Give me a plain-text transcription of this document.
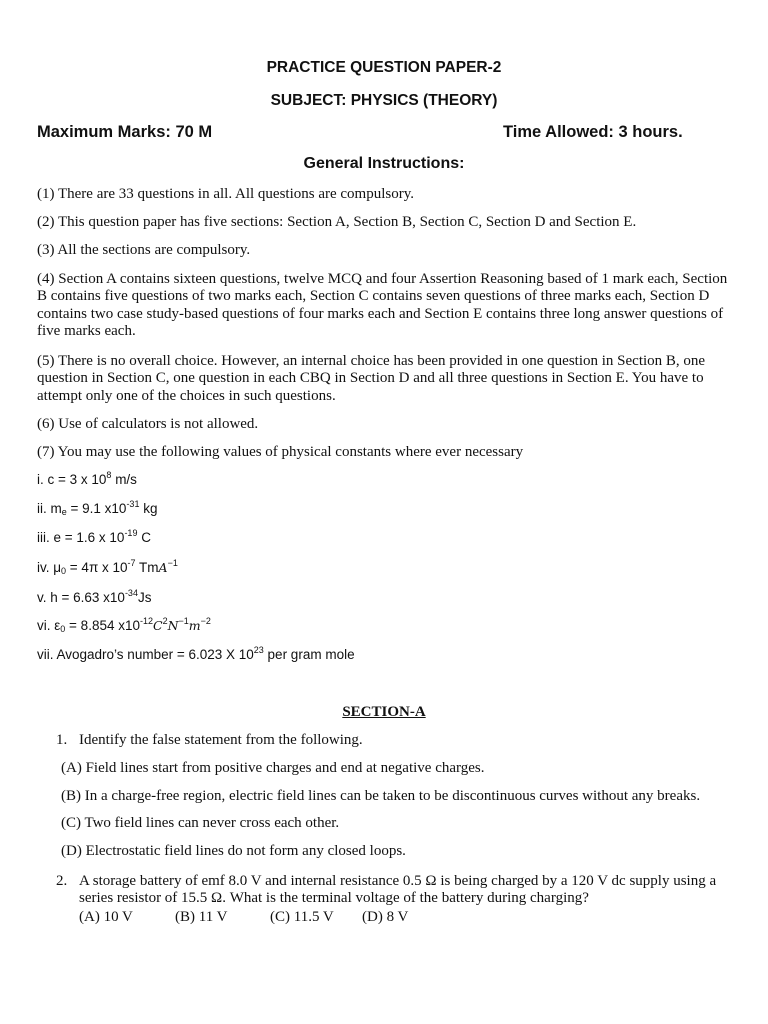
PRACTICE QUESTION PAPER-2
SUBJECT: PHYSICS (THEORY)
Maximum Marks: 70 M	Time Allowed: 3 hours.
General Instructions:
(1) There are 33 questions in all. All questions are compulsory.
(2) This question paper has five sections: Section A, Section B, Section C, Section D and Section E.
(3) All the sections are compulsory.
(4) Section A contains sixteen questions, twelve MCQ and four Assertion Reasoning based of 1 mark each, Section B contains five questions of two marks each, Section C contains seven questions of three marks each, Section D contains two case study-based questions of four marks each and Section E contains three long answer questions of five marks each.
(5) There is no overall choice. However, an internal choice has been provided in one question in Section B, one question in Section C, one question in each CBQ in Section D and all three questions in Section E. You have to attempt only one of the choices in such questions.
(6) Use of calculators is not allowed.
(7) You may use the following values of physical constants where ever necessary
i. c = 3 x $10^8$ m/s
ii. $m_e = 9.1$ $x10^{-31}$ kg
iii. e = 1.6 x $10^{-19}$ C
iv. $\mu_0 = 4\pi$ x $10^{-7}$ TmA$^{-1}$
v. h = 6.63 $x10^{-34}Js$
vi. $\varepsilon_0 = 8.854$ $x10^{-12}C^2N^{-1}m^{-2}$
vii. Avogadro’s number = 6.023 X $10^{23}$ per gram mole
SECTION-A
1. Identify the false statement from the following.
(A) Field lines start from positive charges and end at negative charges.
(B) In a charge-free region, electric field lines can be taken to be discontinuous curves without any breaks.
(C) Two field lines can never cross each other.
(D) Electrostatic field lines do not form any closed loops.
2. A storage battery of emf 8.0 V and internal resistance 0.5 Ω is being charged by a 120 V dc supply using a series resistor of 15.5 Ω. What is the terminal voltage of the battery during charging?
(A) 10 V	(B) 11 V	(C) 11.5 V (D) 8 V
